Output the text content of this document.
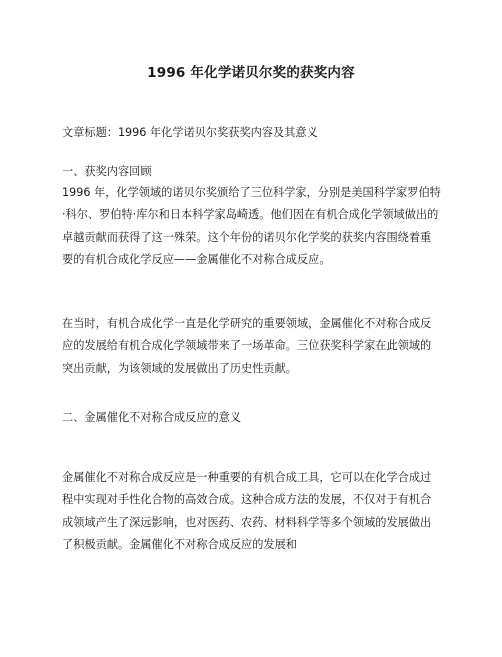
1996 年化学诺贝尔奖的获奖内容
文章标题：1996 年化学诺贝尔奖获奖内容及其意义
一、获奖内容回顾
1996 年，化学领域的诺贝尔奖颁给了三位科学家，分别是美国科学家罗伯特·科尔、罗伯特·库尔和日本科学家岛崎透。他们因在有机合成化学领域做出的卓越贡献而获得了这一殊荣。这个年份的诺贝尔化学奖的获奖内容围绕着重要的有机合成化学反应——金属催化不对称合成反应。
在当时，有机合成化学一直是化学研究的重要领域，金属催化不对称合成反应的发展给有机合成化学领域带来了一场革命。三位获奖科学家在此领域的突出贡献，为该领域的发展做出了历史性贡献。
二、金属催化不对称合成反应的意义
金属催化不对称合成反应是一种重要的有机合成工具，它可以在化学合成过程中实现对手性化合物的高效合成。这种合成方法的发展，不仅对于有机合成领域产生了深远影响，也对医药、农药、材料科学等多个领域的发展做出了积极贡献。金属催化不对称合成反应的发展和
